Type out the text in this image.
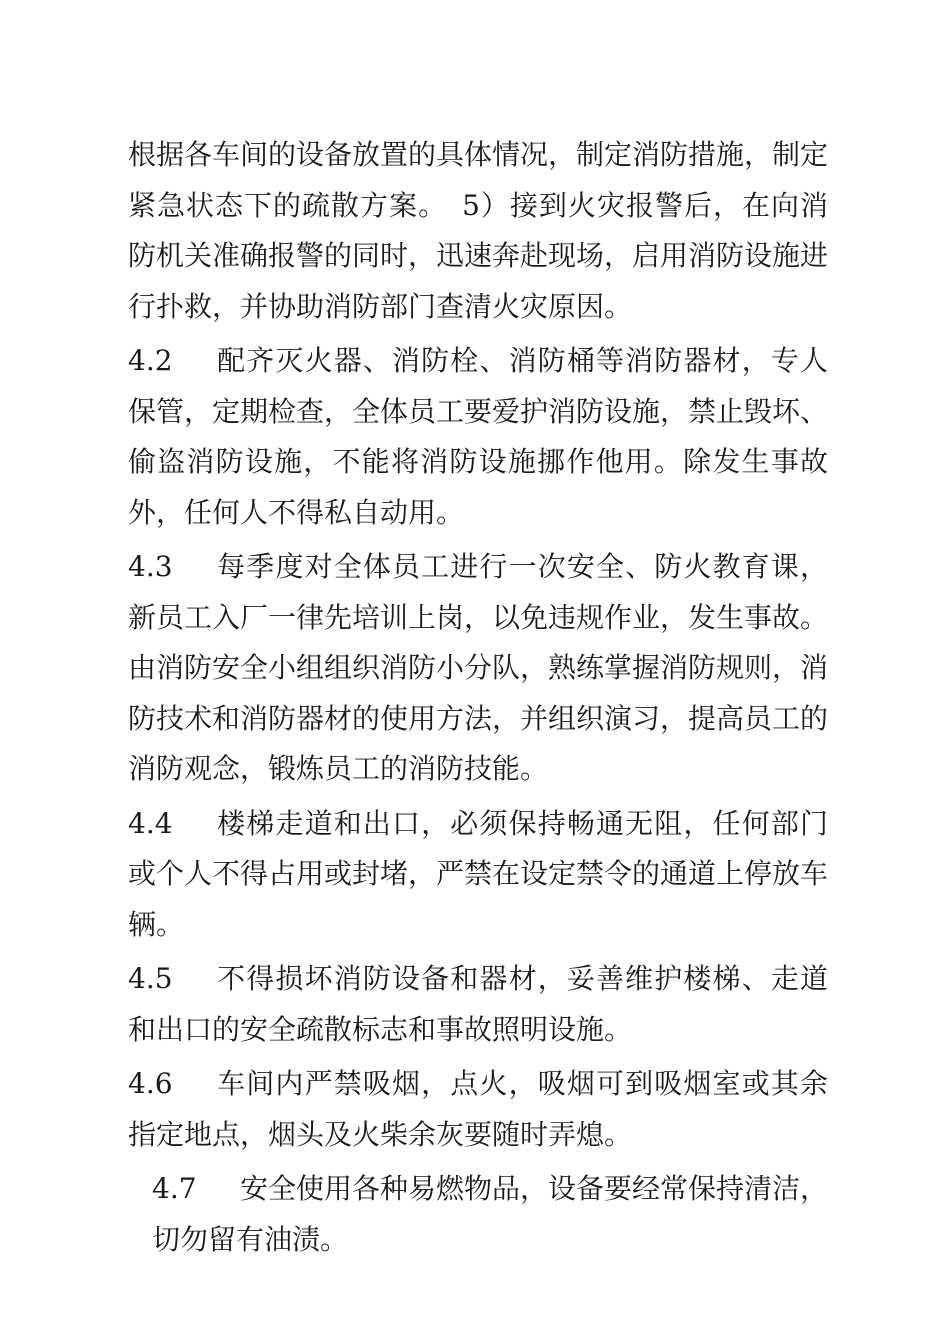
根据各车间的设备放置的具体情况，制定消防措施，制定紧急状态下的疏散方案。　5）接到火灾报警后，在向消防机关准确报警的同时，迅速奔赴现场，启用消防设施进行扑救，并协助消防部门查清火灾原因。

4.2 配齐灭火器、消防栓、消防桶等消防器材，专人保管，定期检查，全体员工要爱护消防设施，禁止毁坏、偷盗消防设施，不能将消防设施挪作他用。除发生事故外，任何人不得私自动用。

4.3 每季度对全体员工进行一次安全、防火教育课，新员工入厂一律先培训上岗，以免违规作业，发生事故。由消防安全小组组织消防小分队，熟练掌握消防规则，消防技术和消防器材的使用方法，并组织演习，提高员工的消防观念，锻炼员工的消防技能。

4.4 楼梯走道和出口，必须保持畅通无阻，任何部门或个人不得占用或封堵，严禁在设定禁令的通道上停放车辆。

4.5 不得损坏消防设备和器材，妥善维护楼梯、走道和出口的安全疏散标志和事故照明设施。

4.6 车间内严禁吸烟，点火，吸烟可到吸烟室或其余指定地点，烟头及火柴余灰要随时弄熄。

4.7 安全使用各种易燃物品，设备要经常保持清洁，切勿留有油渍。
